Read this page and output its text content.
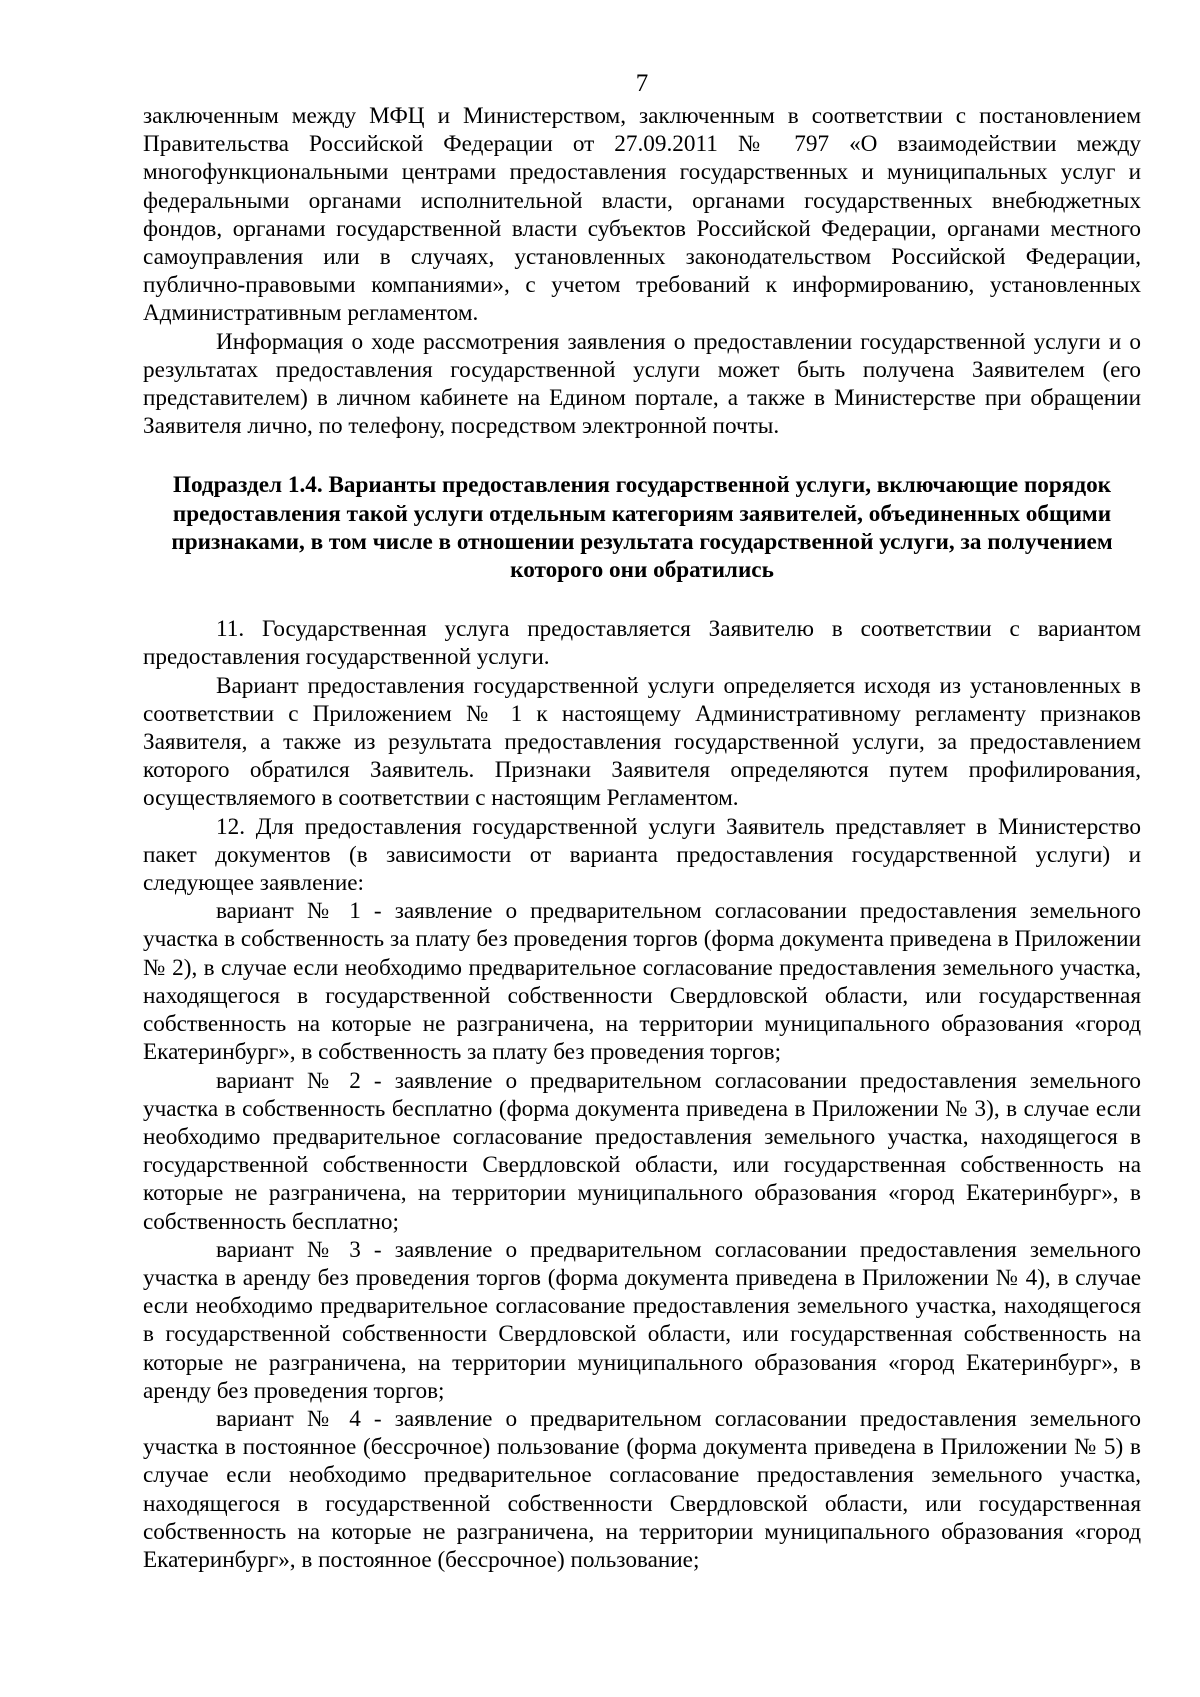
7

заключенным между МФЦ и Министерством, заключенным в соответствии с постановлением Правительства Российской Федерации от 27.09.2011 № 797 «О взаимодействии между многофункциональными центрами предоставления государственных и муниципальных услуг и федеральными органами исполнительной власти, органами государственных внебюджетных фондов, органами государственной власти субъектов Российской Федерации, органами местного самоуправления или в случаях, установленных законодательством Российской Федерации, публично-правовыми компаниями», с учетом требований к информированию, установленных Административным регламентом.

Информация о ходе рассмотрения заявления о предоставлении государственной услуги и о результатах предоставления государственной услуги может быть получена Заявителем (его представителем) в личном кабинете на Едином портале, а также в Министерстве при обращении Заявителя лично, по телефону, посредством электронной почты.

Подраздел 1.4. Варианты предоставления государственной услуги, включающие порядок предоставления такой услуги отдельным категориям заявителей, объединенных общими признаками, в том числе в отношении результата государственной услуги, за получением которого они обратились

11. Государственная услуга предоставляется Заявителю в соответствии с вариантом предоставления государственной услуги.

Вариант предоставления государственной услуги определяется исходя из установленных в соответствии с Приложением № 1 к настоящему Административному регламенту признаков Заявителя, а также из результата предоставления государственной услуги, за предоставлением которого обратился Заявитель. Признаки Заявителя определяются путем профилирования, осуществляемого в соответствии с настоящим Регламентом.

12. Для предоставления государственной услуги Заявитель представляет в Министерство пакет документов (в зависимости от варианта предоставления государственной услуги) и следующее заявление:

вариант № 1 - заявление о предварительном согласовании предоставления земельного участка в собственность за плату без проведения торгов (форма документа приведена в Приложении № 2), в случае если необходимо предварительное согласование предоставления земельного участка, находящегося в государственной собственности Свердловской области, или государственная собственность на которые не разграничена, на территории муниципального образования «город Екатеринбург», в собственность за плату без проведения торгов;

вариант № 2 - заявление о предварительном согласовании предоставления земельного участка в собственность бесплатно (форма документа приведена в Приложении № 3), в случае если необходимо предварительное согласование предоставления земельного участка, находящегося в государственной собственности Свердловской области, или государственная собственность на которые не разграничена, на территории муниципального образования «город Екатеринбург», в собственность бесплатно;

вариант № 3 - заявление о предварительном согласовании предоставления земельного участка в аренду без проведения торгов (форма документа приведена в Приложении № 4), в случае если необходимо предварительное согласование предоставления земельного участка, находящегося в государственной собственности Свердловской области, или государственная собственность на которые не разграничена, на территории муниципального образования «город Екатеринбург», в аренду без проведения торгов;

вариант № 4 - заявление о предварительном согласовании предоставления земельного участка в постоянное (бессрочное) пользование (форма документа приведена в Приложении № 5) в случае если необходимо предварительное согласование предоставления земельного участка, находящегося в государственной собственности Свердловской области, или государственная собственность на которые не разграничена, на территории муниципального образования «город Екатеринбург», в постоянное (бессрочное) пользование;
